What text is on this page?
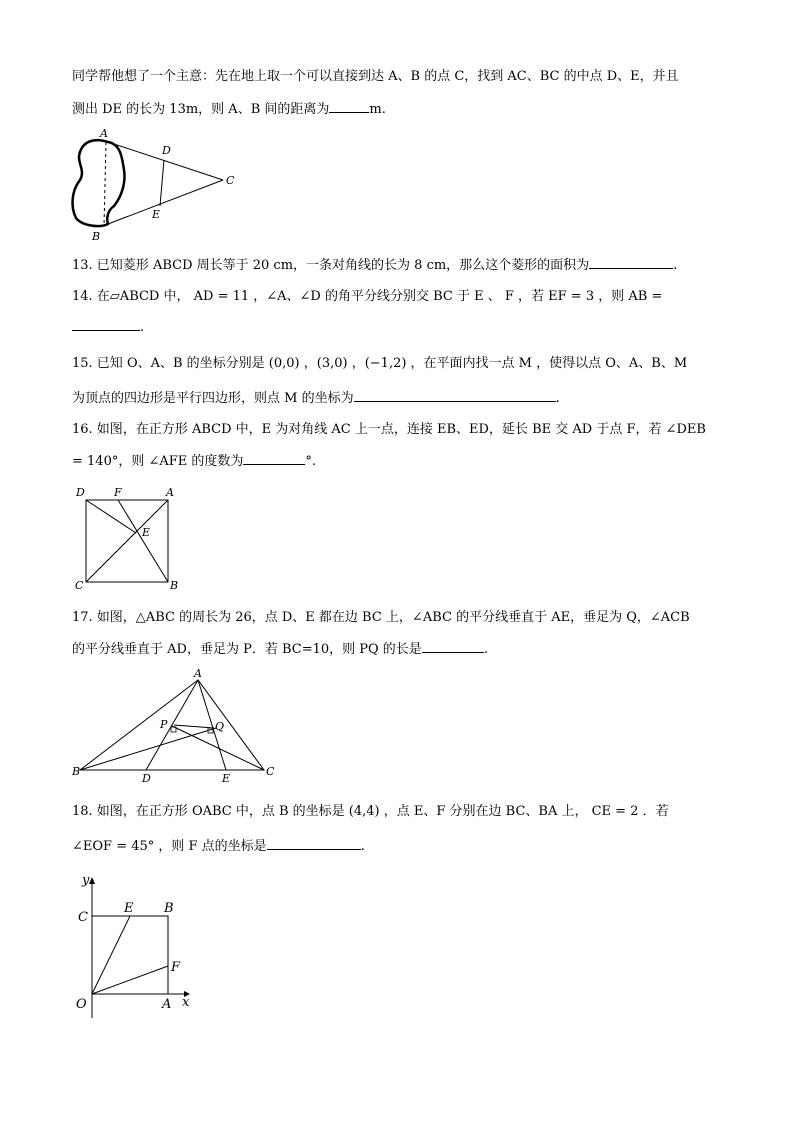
同学帮他想了一个主意：先在地上取一个可以直接到达 A、B 的点 C，找到 AC、BC 的中点 D、E，并且
测出 DE 的长为 13m，则 A、B 间的距离为	m.
A
B
C
D
E
13. 已知菱形 ABCD 周长等于 20 cm，一条对角线的长为 8 cm，那么这个菱形的面积为	.
14. 在▱ABCD 中， AD = 11 ，∠A、∠D 的角平分线分别交 BC 于 E 、 F ，若 EF = 3 ，则 AB =
.
15. 已知 O、A、B 的坐标分别是 (0,0) ，(3,0) ，(−1,2) ，在平面内找一点 M ，使得以点 O、A、B、M
为顶点的四边形是平行四边形，则点 M 的坐标为	.
16. 如图，在正方形 ABCD 中，E 为对角线 AC 上一点，连接 EB、ED，延长 BE 交 AD 于点 F，若 ∠DEB
= 140°，则 ∠AFE 的度数为	°.
D	F	A
E
C	B
17. 如图，△ABC 的周长为 26，点 D、E 都在边 BC 上，∠ABC 的平分线垂直于 AE，垂足为 Q，∠ACB
的平分线垂直于 AD，垂足为 P．若 BC=10，则 PQ 的长是	.
A
P	Q
B
D	E
C
18. 如图，在正方形 OABC 中，点 B 的坐标是 (4,4) ，点 E、F 分别在边 BC、BA 上， CE = 2 ．若
∠EOF = 45° ，则 F 点的坐标是	.
y
C
E B
F
O	A x
